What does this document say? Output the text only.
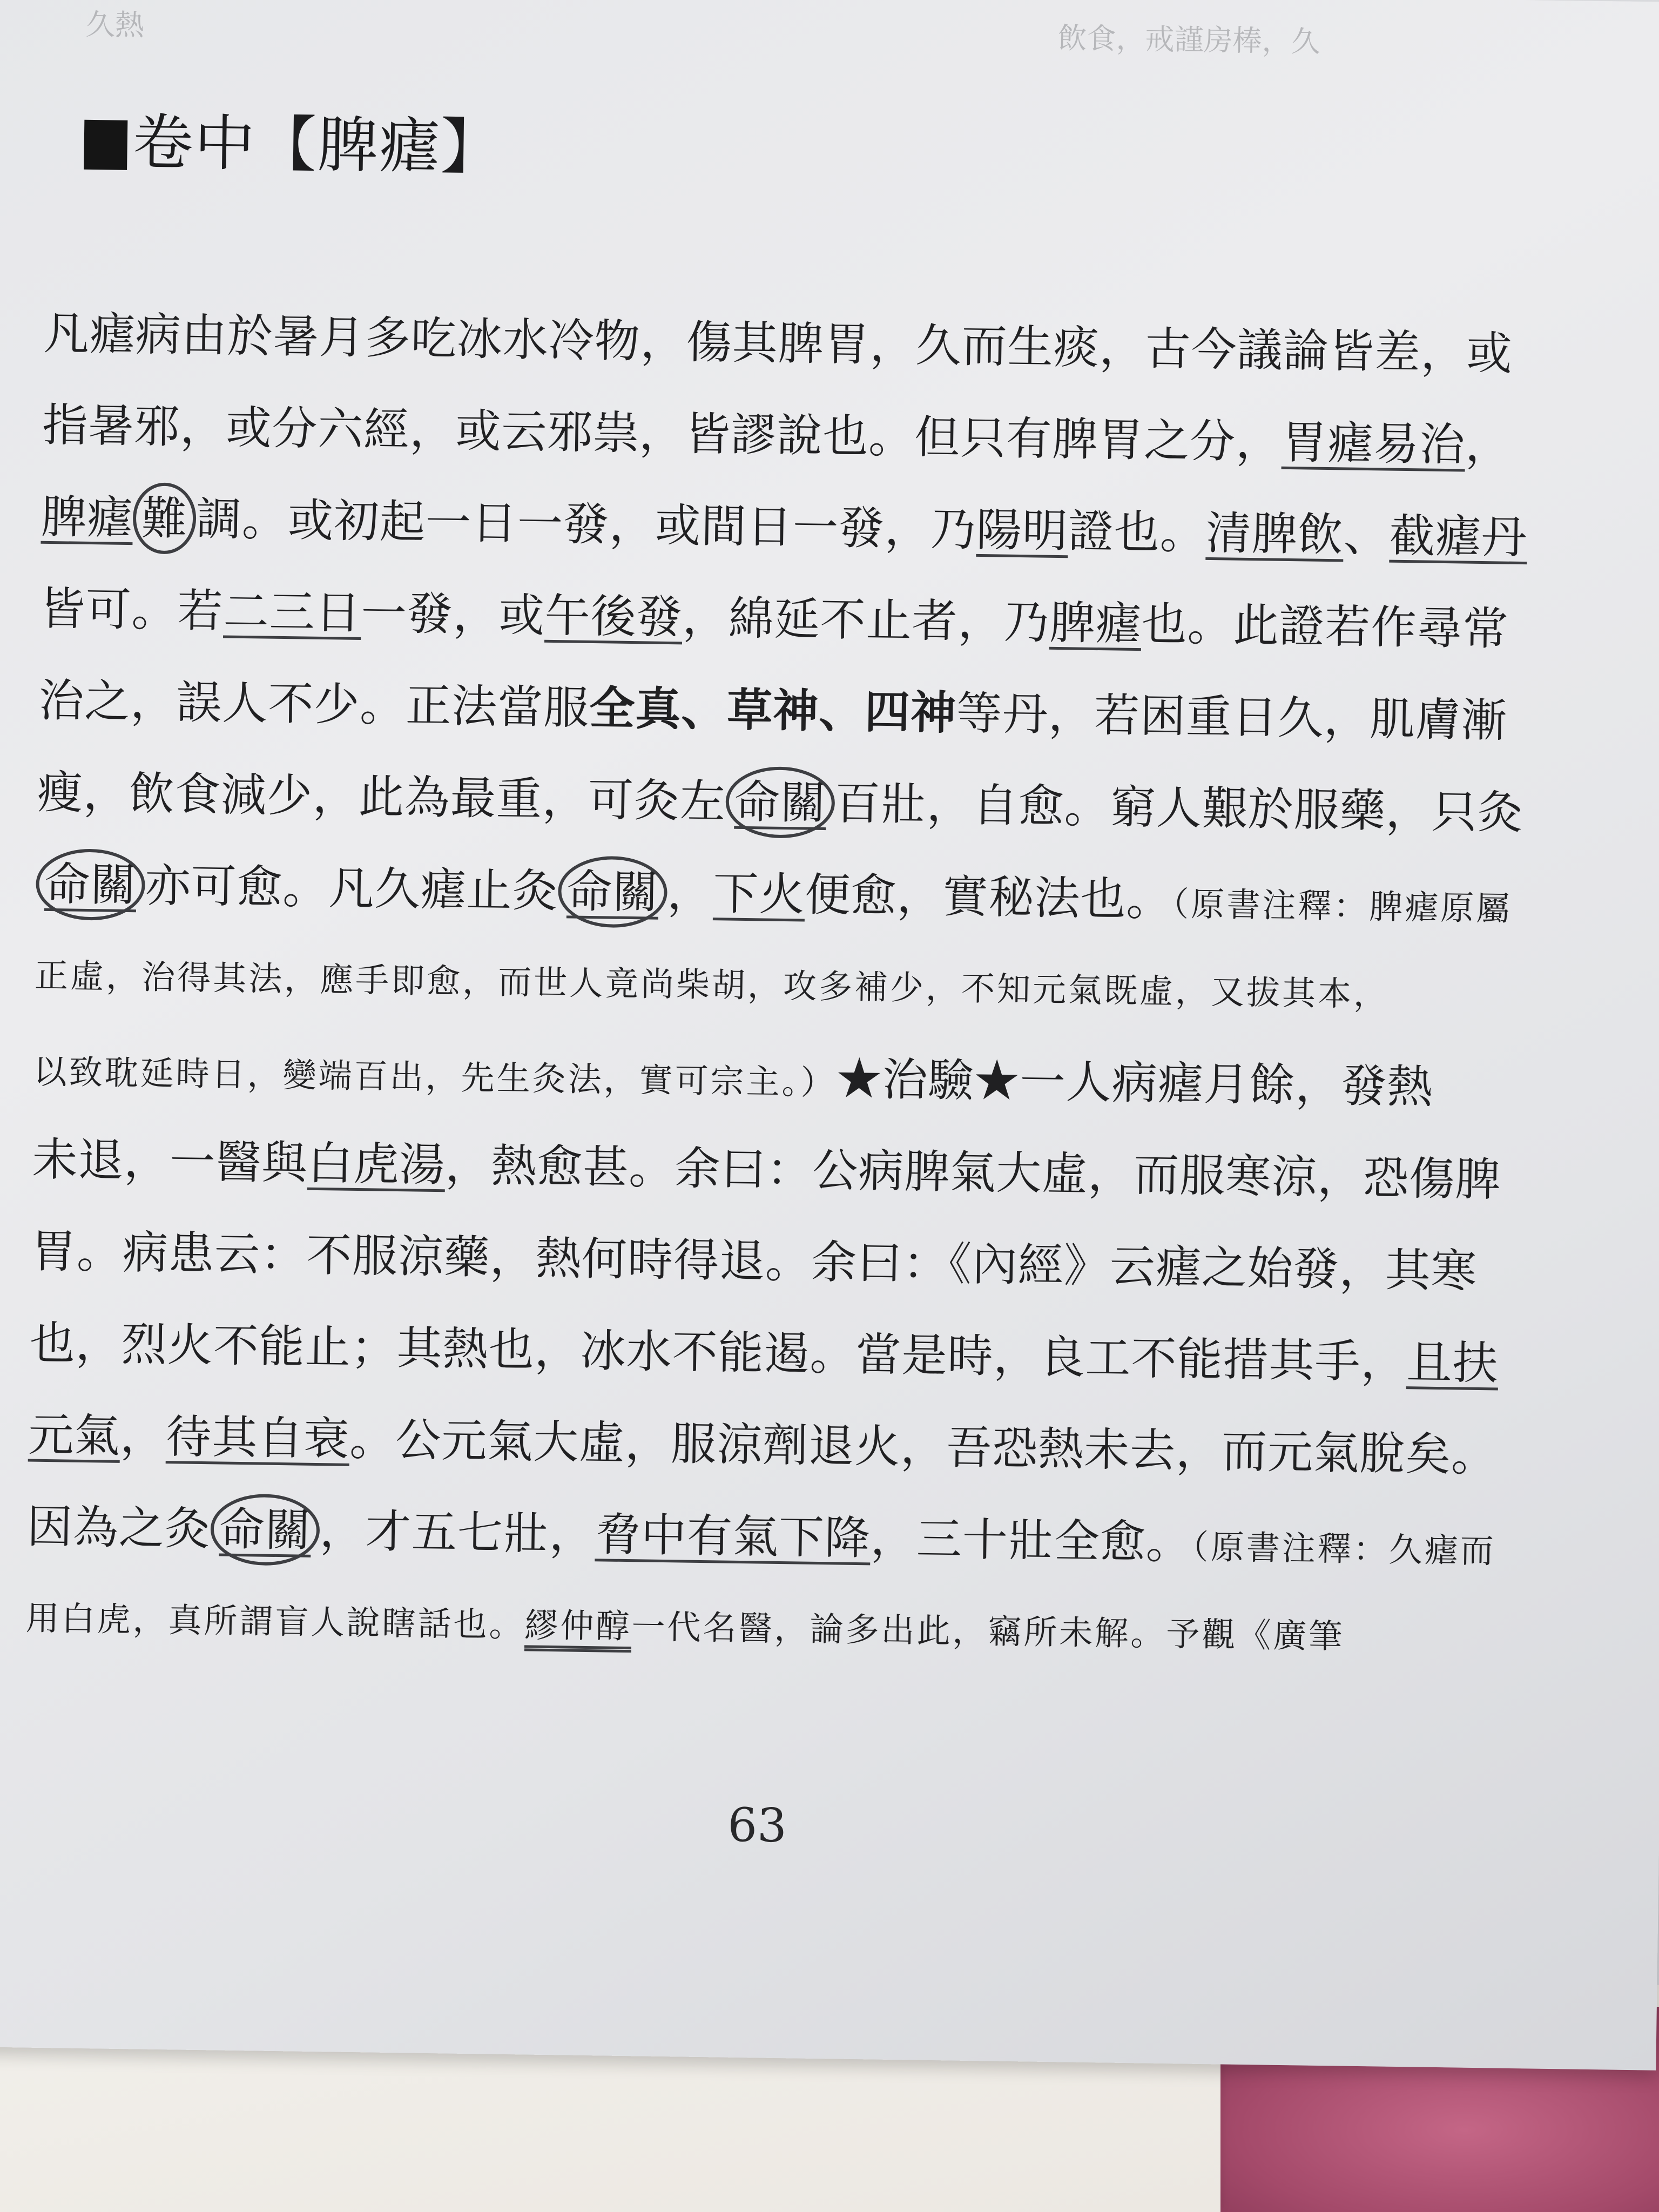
久熱	飲食，戒謹房棒，久
卷中【脾瘧】
凡瘧病由於暑月多吃冰水冷物，傷其脾胃，久而生痰，古今議論皆差，或
指暑邪，或分六經，或云邪祟，皆謬說也。但只有脾胃之分，胃瘧易治，
脾瘧 難 調。或初起一日一發，或間日一發，乃陽明證也。清脾飲、截瘧丹
皆可。若二三日一發，或午後發，綿延不止者，乃脾瘧也。此證若作尋常
治之，誤人不少。正法當服全真、草神、四神等丹，若困重日久，肌膚漸
瘦，飲食減少，此為最重，可灸左 命關 百壯，自愈。窮人艱於服藥，只灸
命關 亦可愈。凡久瘧止灸 命關 ，下火便愈，實秘法也。（原書注釋：脾瘧原屬
正虛，治得其法，應手即愈，而世人竟尚柴胡，攻多補少，不知元氣既虛，又拔其本，
以致耽延時日，變端百出，先生灸法，實可宗主。）★治驗★一人病瘧月餘，發熱
未退，一醫與白虎湯，熱愈甚。余曰：公病脾氣大虛，而服寒涼，恐傷脾
胃。病患云：不服涼藥，熱何時得退。余曰：《內經》云瘧之始發，其寒
也，烈火不能止；其熱也，冰水不能遏。當是時，良工不能措其手，且扶
元氣，待其自衰。公元氣大虛，服涼劑退火，吾恐熱未去，而元氣脫矣。
因為之灸 命關 ，才五七壯，脅中有氣下降，三十壯全愈。（原書注釋：久瘧而
用白虎，真所謂盲人說瞎話也。繆仲醇一代名醫，論多出此，竊所未解。予觀《廣筆
63
